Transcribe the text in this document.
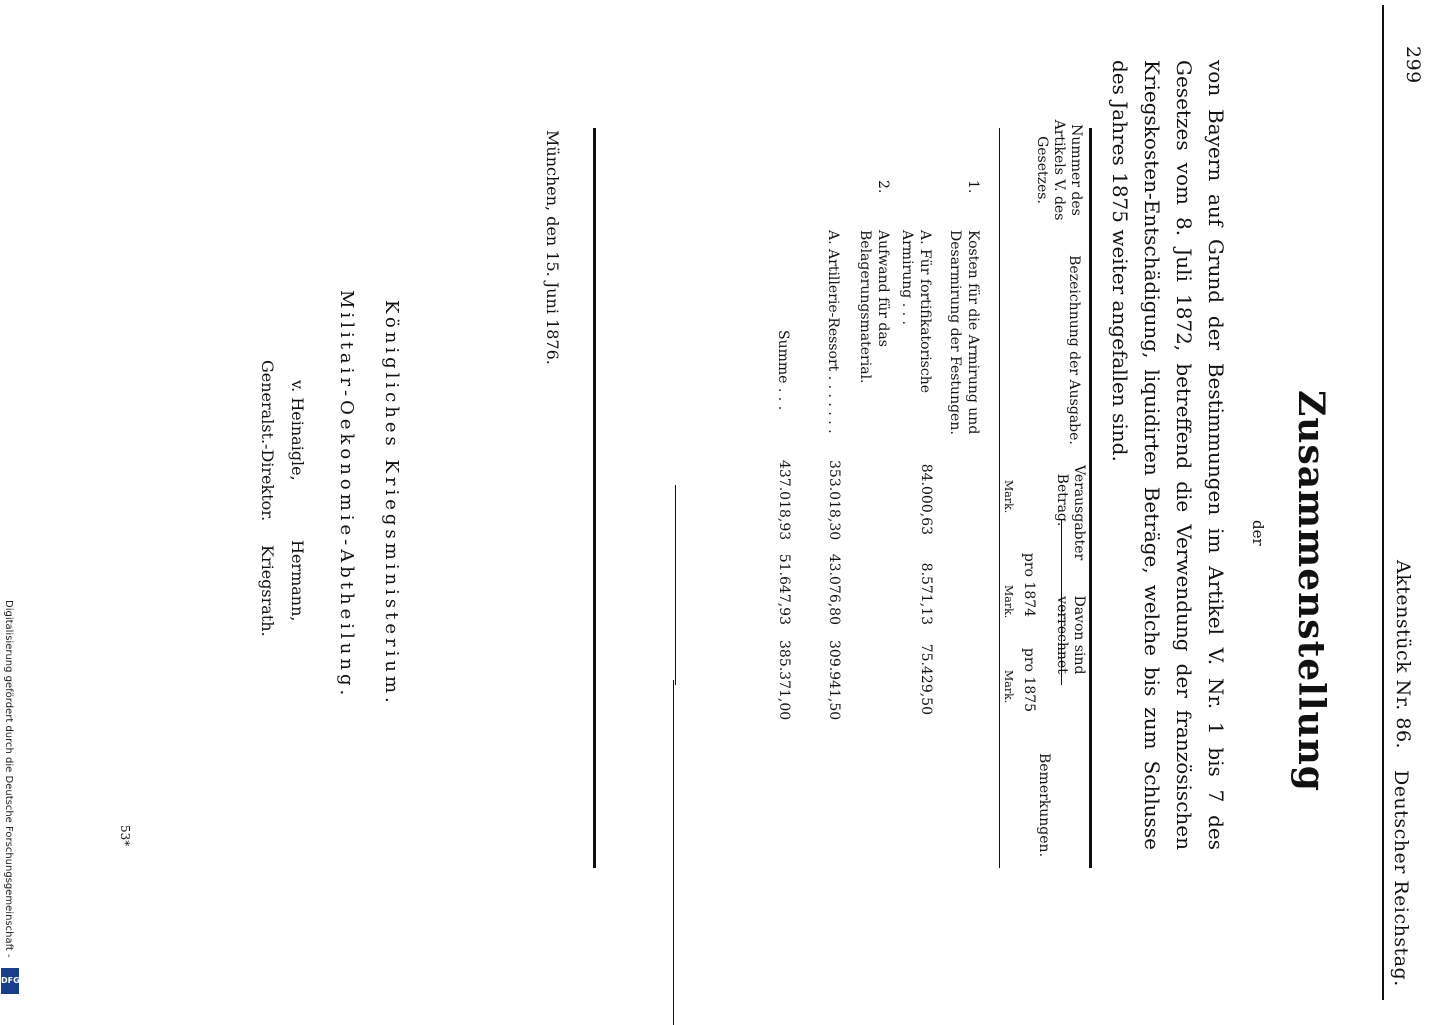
Digitalisierung gefördert durch die Deutsche Forschungsgemeinschaft -
DFG
299
Aktenstück Nr. 86.
Deutscher Reichstag.
Zusammenstellung
der
von Bayern auf Grund der Bestimmungen im Artikel V. Nr. 1 bis 7 des Gesetzes vom 8. Juli 1872, betreffend die Verwendung der französischen Kriegskosten-Entschädigung, liquidirten Beträge, welche bis zum Schlusse des Jahres 1875 weiter angefallen sind.
Bezeichnung der Ausgabe.
Verausgabter Betrag.
Davon sind verrechnet
pro 1874
pro 1875
Bemerkungen.
Nummer des Artikels V. des Gesetzes.
Mark.
Mark.
Mark.
1.
Kosten für die Armirung und Desarmirung der Festungen.
A. Für fortifikatorische Armirung . . .
84.000,63
8.571,13
75.429,50
2.
Aufwand für das Belagerungsmaterial.
A. Artillerie-Ressort . . . . . . .
353.018,30
43.076,80
309.941,50
Summe . . .
437.018,93
51.647,93
385.371,00
München, den 15. Juni 1876.
Königliches Kriegsministerium.
Militair-Oekonomie-Abtheilung.
v. Heinaigle,
Generalst.-Direktor.
Hermann,
Kriegsrath.
53*
